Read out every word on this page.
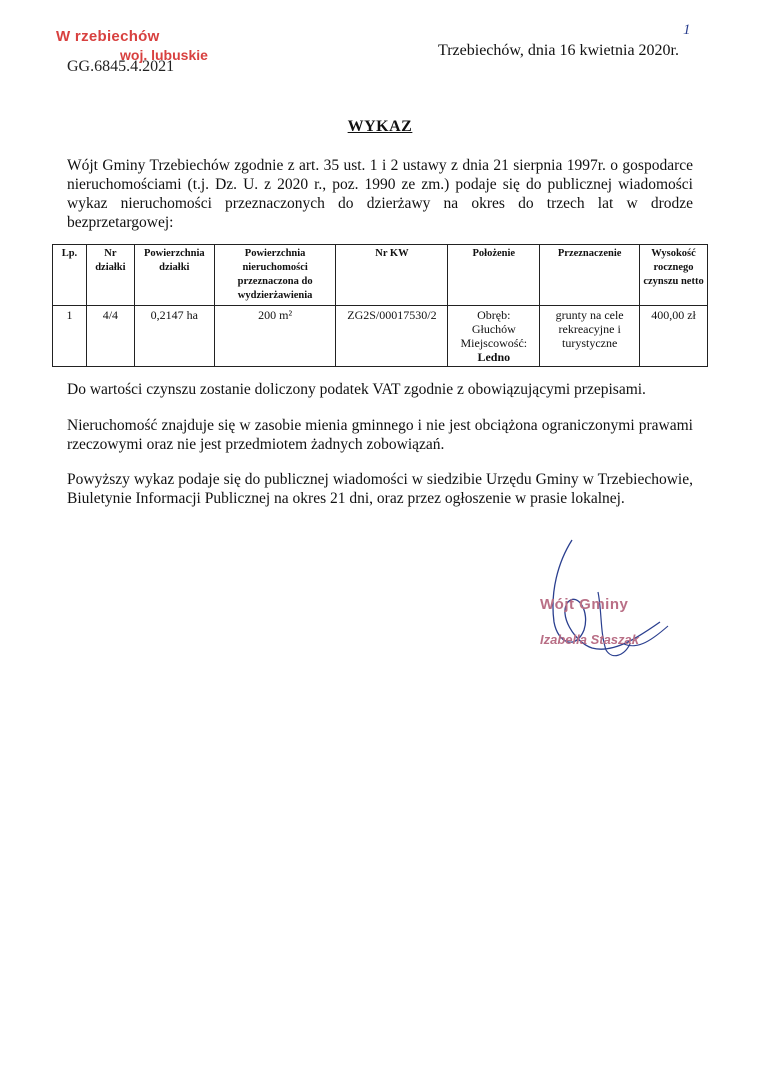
W rzebiechów
woj. lubuskie
GG.6845.4.2021
Trzebiechów, dnia 16 kwietnia 2020r.
1
WYKAZ
Wójt Gminy Trzebiechów zgodnie z art. 35 ust. 1 i 2 ustawy z dnia 21 sierpnia 1997r. o gospodarce nieruchomościami (t.j. Dz. U. z 2020 r., poz. 1990 ze zm.) podaje się do publicznej wiadomości wykaz nieruchomości przeznaczonych do dzierżawy na okres do trzech lat w drodze bezprzetargowej:
Lp.	Nr działki	Powierzchnia działki	Powierzchnia nieruchomości przeznaczona do wydzierżawienia	Nr KW	Położenie	Przeznaczenie	Wysokość rocznego czynszu netto
1	4/4	0,2147 ha	200 m²	ZG2S/00017530/2	Obręb:
Głuchów
Miejscowość:
Ledno	grunty na cele rekreacyjne i turystyczne	400,00 zł
Do wartości czynszu zostanie doliczony podatek VAT zgodnie z obowiązującymi przepisami.
Nieruchomość znajduje się w zasobie mienia gminnego i nie jest obciążona ograniczonymi prawami rzeczowymi oraz nie jest przedmiotem żadnych zobowiązań.
Powyższy wykaz podaje się do publicznej wiadomości w siedzibie Urzędu Gminy w Trzebiechowie, Biuletynie Informacji Publicznej na okres 21 dni, oraz przez ogłoszenie w prasie lokalnej.
Wójt Gminy
Izabella Staszak
